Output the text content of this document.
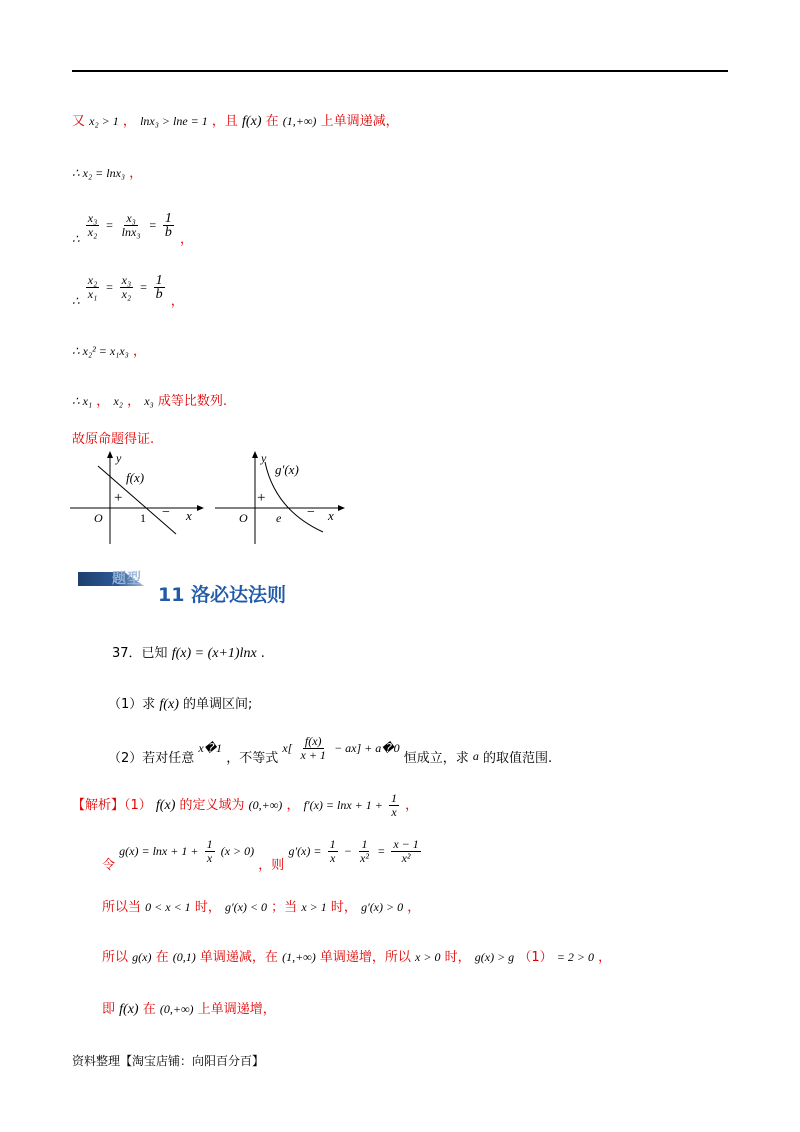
又 x₂ > 1 ， lnx₃ > lne = 1 ，且 f(x) 在 (1,+∞) 上单调递减，
∴ x₂ = lnx₃ ，
∴ $\frac{\text{x₃}}{\text{x₂}} = \frac{\text{x₃}}{\text{lnx₃}} = \frac{1}{b}$
，
∴ $\frac{\text{x₂}}{\text{x₁}} = \frac{\text{x₃}}{\text{x₂}} = \frac{1}{b}$
，
∴ x₂² = x₁x₃ ，
∴ x₁ ， x₂ ， x₃ 成等比数列.
故原命题得证.
y
x
O
f(x)
+
−
1
y
x
O
g′(x)
+
−
e
题型
11 洛必达法则
37．已知 f(x) = (x+1)lnx .
（1）求 f(x) 的单调区间;
（2）若对任意 x�1 ，不等式 $x[ \frac{f(x)}{x + 1} - ax]$ + a�0 恒成立，求 a 的取值范围.
【解析】（1） f(x) 的定义域为 (0,+∞) ， $f'(x) = \ln x + 1 + \frac{1}{x}$ ，
令 $g(x) = \ln x + 1 + \frac{1}{x} (x > 0)$ ，则 $g'(x) = \frac{1}{x} - \frac{1}{\text{x²}} = \frac{x - 1}{\text{x²}}$
所以当 0 < x < 1 时， g′(x) < 0 ；当 x > 1 时， g′(x) > 0 ，
所以 g(x) 在 (0,1) 单调递减，在 (1,+∞) 单调递增，所以 x > 0 时， g(x) > g （1） = 2 > 0 ，
即 f(x) 在 (0,+∞) 上单调递增，
资料整理【淘宝店铺：向阳百分百】
